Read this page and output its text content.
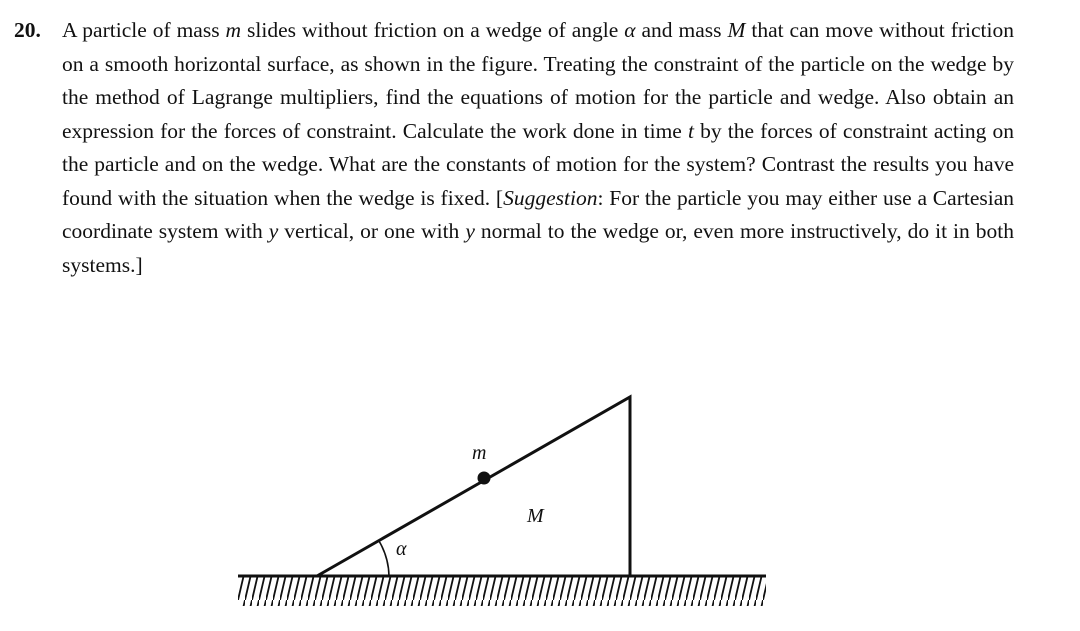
20. A particle of mass m slides without friction on a wedge of angle α and mass M that can move without friction on a smooth horizontal surface, as shown in the figure. Treating the constraint of the particle on the wedge by the method of Lagrange multipliers, find the equations of motion for the particle and wedge. Also obtain an expression for the forces of constraint. Calculate the work done in time t by the forces of constraint acting on the particle and on the wedge. What are the constants of motion for the system? Contrast the results you have found with the situation when the wedge is fixed. [Suggestion: For the particle you may either use a Cartesian coordinate system with y vertical, or one with y normal to the wedge or, even more instructively, do it in both systems.]
m
M
α
